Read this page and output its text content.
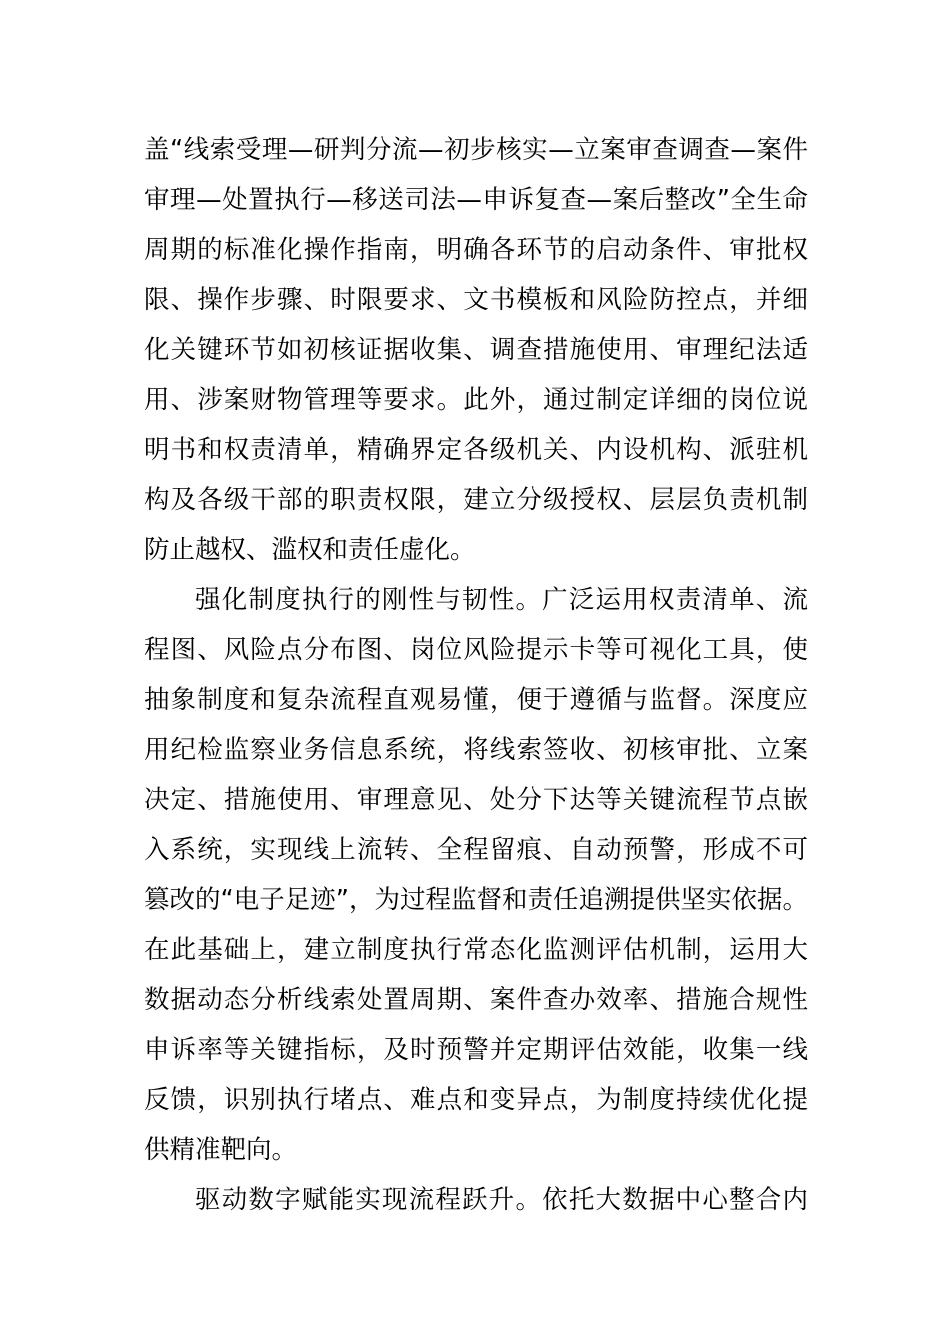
盖“线索受理—研判分流—初步核实—立案审查调查—案件
审理—处置执行—移送司法—申诉复查—案后整改”全生命
周期的标准化操作指南，明确各环节的启动条件、审批权
限、操作步骤、时限要求、文书模板和风险防控点，并细
化关键环节如初核证据收集、调查措施使用、审理纪法适
用、涉案财物管理等要求。此外，通过制定详细的岗位说
明书和权责清单，精确界定各级机关、内设机构、派驻机
构及各级干部的职责权限，建立分级授权、层层负责机制
防止越权、滥权和责任虚化。
强化制度执行的刚性与韧性。广泛运用权责清单、流
程图、风险点分布图、岗位风险提示卡等可视化工具，使
抽象制度和复杂流程直观易懂，便于遵循与监督。深度应
用纪检监察业务信息系统，将线索签收、初核审批、立案
决定、措施使用、审理意见、处分下达等关键流程节点嵌
入系统，实现线上流转、全程留痕、自动预警，形成不可
篡改的“电子足迹”，为过程监督和责任追溯提供坚实依据。
在此基础上，建立制度执行常态化监测评估机制，运用大
数据动态分析线索处置周期、案件查办效率、措施合规性
申诉率等关键指标，及时预警并定期评估效能，收集一线
反馈，识别执行堵点、难点和变异点，为制度持续优化提
供精准靶向。
驱动数字赋能实现流程跃升。依托大数据中心整合内
